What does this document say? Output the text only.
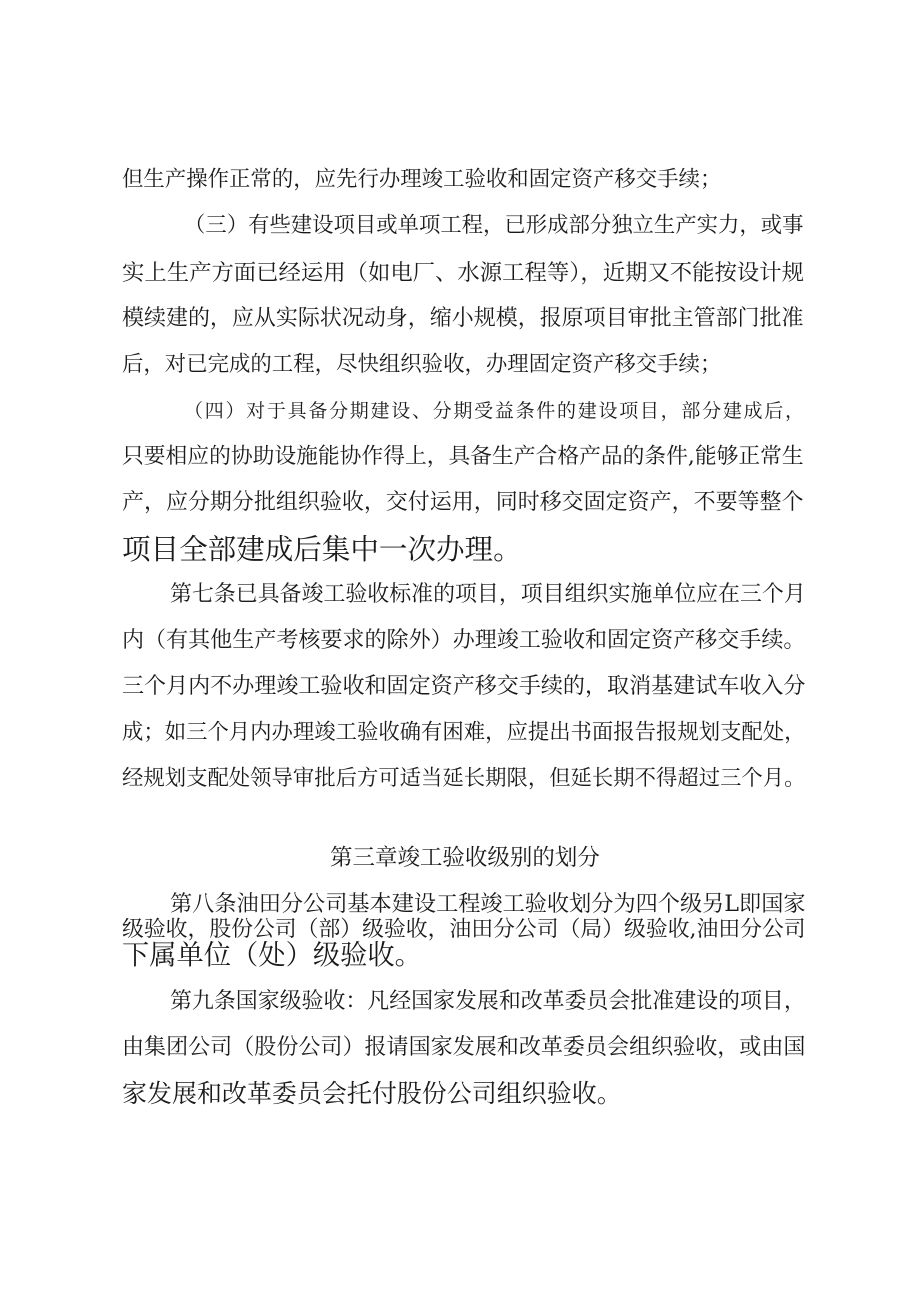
但生产操作正常的，应先行办理竣工验收和固定资产移交手续；
（三）有些建设项目或单项工程，已形成部分独立生产实力，或事
实上生产方面已经运用（如电厂、水源工程等），近期又不能按设计规
模续建的，应从实际状况动身，缩小规模，报原项目审批主管部门批准
后，对已完成的工程，尽快组织验收，办理固定资产移交手续；
（四）对于具备分期建设、分期受益条件的建设项目，部分建成后，
只要相应的协助设施能协作得上，具备生产合格产品的条件,能够正常生
产，应分期分批组织验收，交付运用，同时移交固定资产，不要等整个
项目全部建成后集中一次办理。
第七条已具备竣工验收标准的项目，项目组织实施单位应在三个月
内（有其他生产考核要求的除外）办理竣工验收和固定资产移交手续。
三个月内不办理竣工验收和固定资产移交手续的，取消基建试车收入分
成；如三个月内办理竣工验收确有困难，应提出书面报告报规划支配处，
经规划支配处领导审批后方可适当延长期限，但延长期不得超过三个月。
第三章竣工验收级别的划分
第八条油田分公司基本建设工程竣工验收划分为四个级另L即国家
级验收，股份公司（部）级验收，油田分公司（局）级验收,油田分公司
下属单位（处）级验收。
第九条国家级验收：凡经国家发展和改革委员会批准建设的项目，
由集团公司（股份公司）报请国家发展和改革委员会组织验收，或由国
家发展和改革委员会托付股份公司组织验收。
